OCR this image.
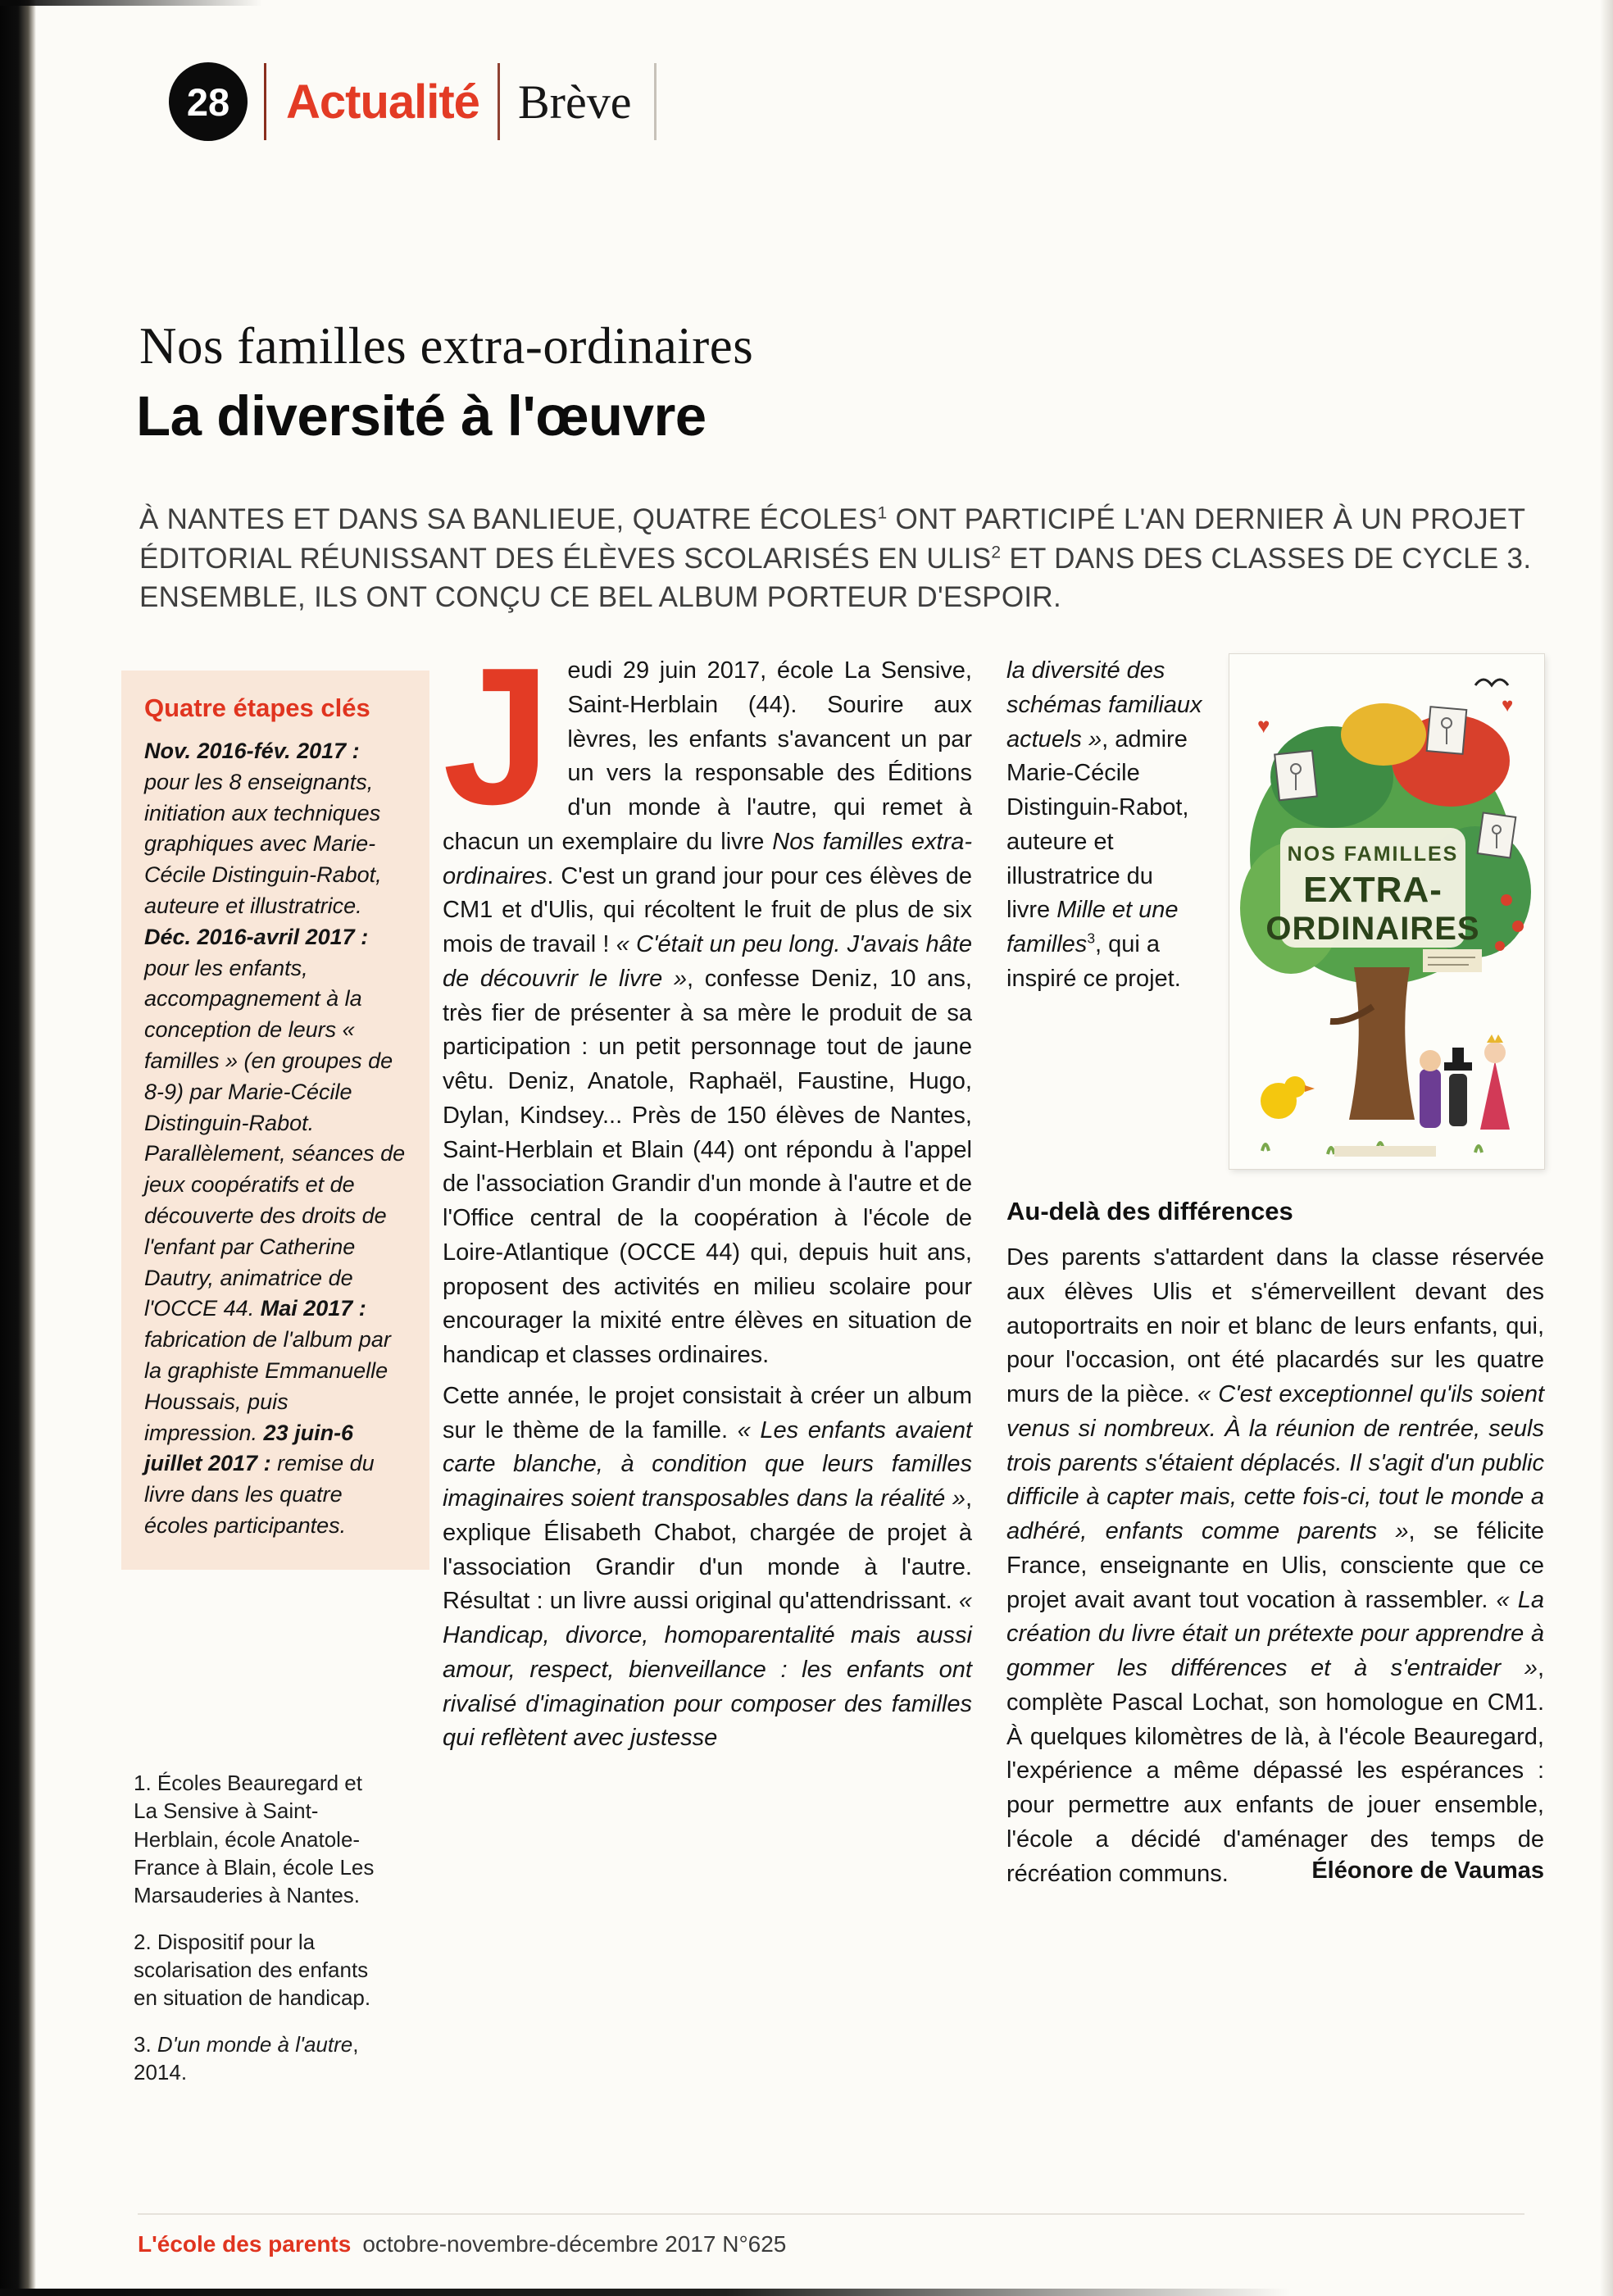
28 Actualité Brève
Nos familles extra-ordinaires
La diversité à l'œuvre
À NANTES ET DANS SA BANLIEUE, QUATRE ÉCOLES$^1$ ONT PARTICIPÉ L'AN DERNIER À UN PROJET ÉDITORIAL RÉUNISSANT DES ÉLÈVES SCOLARISÉS EN ULIS$^2$ ET DANS DES CLASSES DE CYCLE 3. ENSEMBLE, ILS ONT CONÇU CE BEL ALBUM PORTEUR D'ESPOIR.
Quatre étapes clés
Nov. 2016-fév. 2017 : pour les 8 enseignants, initiation aux techniques graphiques avec Marie-Cécile Distinguin-Rabot, auteure et illustratrice. Déc. 2016-avril 2017 : pour les enfants, accompagnement à la conception de leurs « familles » (en groupes de 8-9) par Marie-Cécile Distinguin-Rabot. Parallèlement, séances de jeux coopératifs et de découverte des droits de l'enfant par Catherine Dautry, animatrice de l'OCCE 44. Mai 2017 : fabrication de l'album par la graphiste Emmanuelle Houssais, puis impression. 23 juin-6 juillet 2017 : remise du livre dans les quatre écoles participantes.

1. Écoles Beauregard et La Sensive à Saint-Herblain, école Anatole-France à Blain, école Les Marsauderies à Nantes.

2. Dispositif pour la scolarisation des enfants en situation de handicap.

3. D'un monde à l'autre, 2014.

Jeudi 29 juin 2017, école La Sensive, Saint-Herblain (44). Sourire aux lèvres, les enfants s'avancent un par un vers la responsable des Éditions d'un monde à l'autre, qui remet à chacun un exemplaire du livre Nos familles extra-ordinaires. C'est un grand jour pour ces élèves de CM1 et d'Ulis, qui récoltent le fruit de plus de six mois de travail ! « C'était un peu long. J'avais hâte de découvrir le livre », confesse Deniz, 10 ans, très fier de présenter à sa mère le produit de sa participation : un petit personnage tout de jaune vêtu. Deniz, Anatole, Raphaël, Faustine, Hugo, Dylan, Kindsey... Près de 150 élèves de Nantes, Saint-Herblain et Blain (44) ont répondu à l'appel de l'association Grandir d'un monde à l'autre et de l'Office central de la coopération à l'école de Loire-Atlantique (OCCE 44) qui, depuis huit ans, proposent des activités en milieu scolaire pour encourager la mixité entre élèves en situation de handicap et classes ordinaires.

Cette année, le projet consistait à créer un album sur le thème de la famille. « Les enfants avaient carte blanche, à condition que leurs familles imaginaires soient transposables dans la réalité », explique Élisabeth Chabot, chargée de projet à l'association Grandir d'un monde à l'autre. Résultat : un livre aussi original qu'attendrissant. « Handicap, divorce, homoparentalité mais aussi amour, respect, bienveillance : les enfants ont rivalisé d'imagination pour composer des familles qui reflètent avec justesse

la diversité des schémas familiaux actuels », admire Marie-Cécile Distinguin-Rabot, auteure et illustratrice du livre Mille et une familles$^3$, qui a inspiré ce projet.
♥
♥
NOS FAMILLES
EXTRA-
ORDINAIRES
Au-delà des différences
Des parents s'attardent dans la classe réservée aux élèves Ulis et s'émerveillent devant des autoportraits en noir et blanc de leurs enfants, qui, pour l'occasion, ont été placardés sur les quatre murs de la pièce. « C'est exceptionnel qu'ils soient venus si nombreux. À la réunion de rentrée, seuls trois parents s'étaient déplacés. Il s'agit d'un public difficile à capter mais, cette fois-ci, tout le monde a adhéré, enfants comme parents », se félicite France, enseignante en Ulis, consciente que ce projet avait avant tout vocation à rassembler. « La création du livre était un prétexte pour apprendre à gommer les différences et à s'entraider », complète Pascal Lochat, son homologue en CM1. À quelques kilomètres de là, à l'école Beauregard, l'expérience a même dépassé les espérances : pour permettre aux enfants de jouer ensemble, l'école a décidé d'aménager des temps de récréation communs.	Éléonore de Vaumas
L'école des parents octobre-novembre-décembre 2017 N°625
